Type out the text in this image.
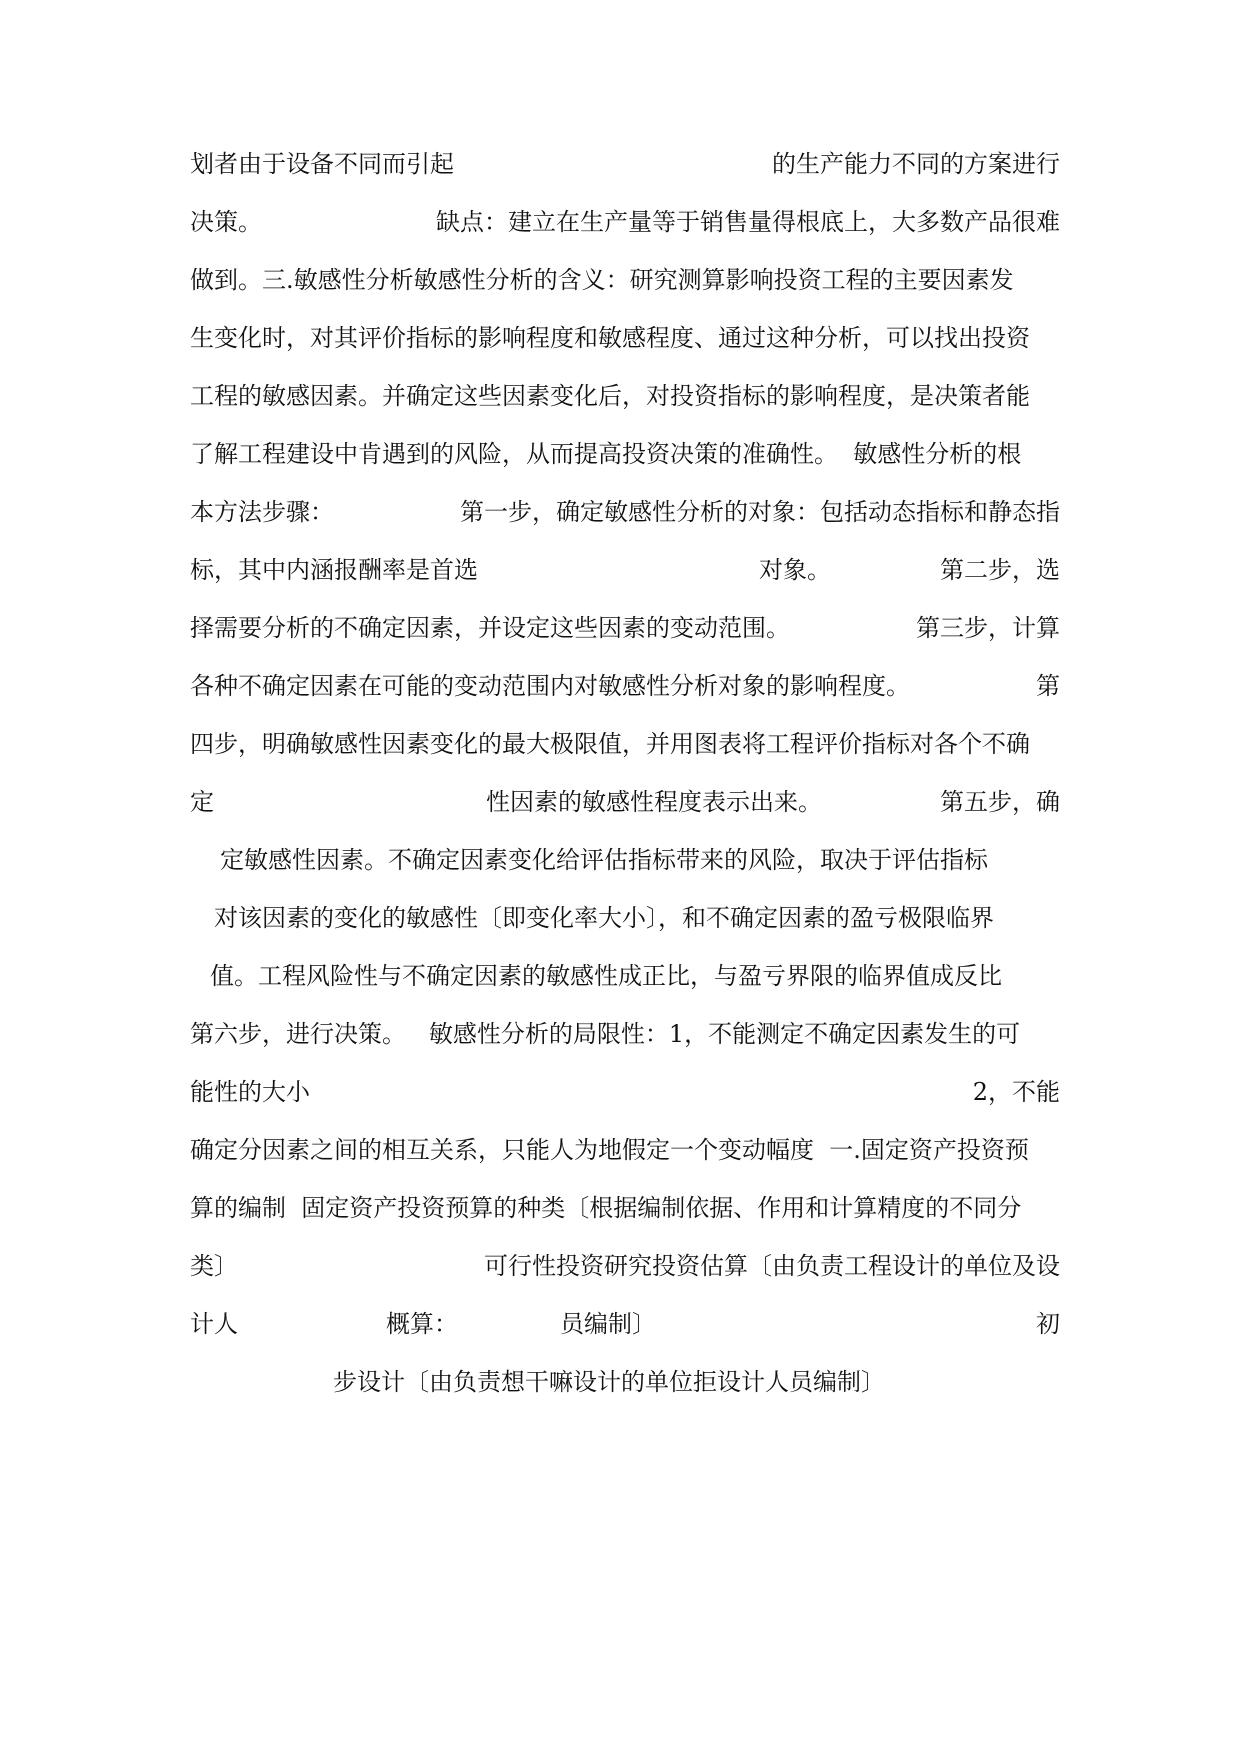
划者由于设备不同而引起	的生产能力不同的方案进行
决策。	缺点：建立在生产量等于销售量得根底上，大多数产品很难
做到。三.敏感性分析敏感性分析的含义：研究测算影响投资工程的主要因素发
生变化时，对其评价指标的影响程度和敏感程度、通过这种分析，可以找出投资
工程的敏感因素。并确定这些因素变化后，对投资指标的影响程度，是决策者能
了解工程建设中肯遇到的风险，从而提高投资决策的准确性。  敏感性分析的根
本方法步骤：	第一步，确定敏感性分析的对象：包括动态指标和静态指
标，其中内涵报酬率是首选	对象。	第二步，选
择需要分析的不确定因素，并设定这些因素的变动范围。	第三步，计算
各种不确定因素在可能的变动范围内对敏感性分析对象的影响程度。	第
四步，明确敏感性因素变化的最大极限值，并用图表将工程评价指标对各个不确
定	性因素的敏感性程度表示出来。	第五步，确
定敏感性因素。不确定因素变化给评估指标带来的风险，取决于评估指标
对该因素的变化的敏感性〔即变化率大小〕，和不确定因素的盈亏极限临界
值。工程风险性与不确定因素的敏感性成正比，与盈亏界限的临界值成反比
第六步，进行决策。   敏感性分析的局限性：1，不能测定不确定因素发生的可
能性的大小	2，不能
确定分因素之间的相互关系，只能人为地假定一个变动幅度  一.固定资产投资预
算的编制  固定资产投资预算的种类〔根据编制依据、作用和计算精度的不同分
类〕	可行性投资研究投资估算〔由负责工程设计的单位及设
计人	概算：	员编制〕	初
步设计〔由负责想干嘛设计的单位拒设计人员编制〕
